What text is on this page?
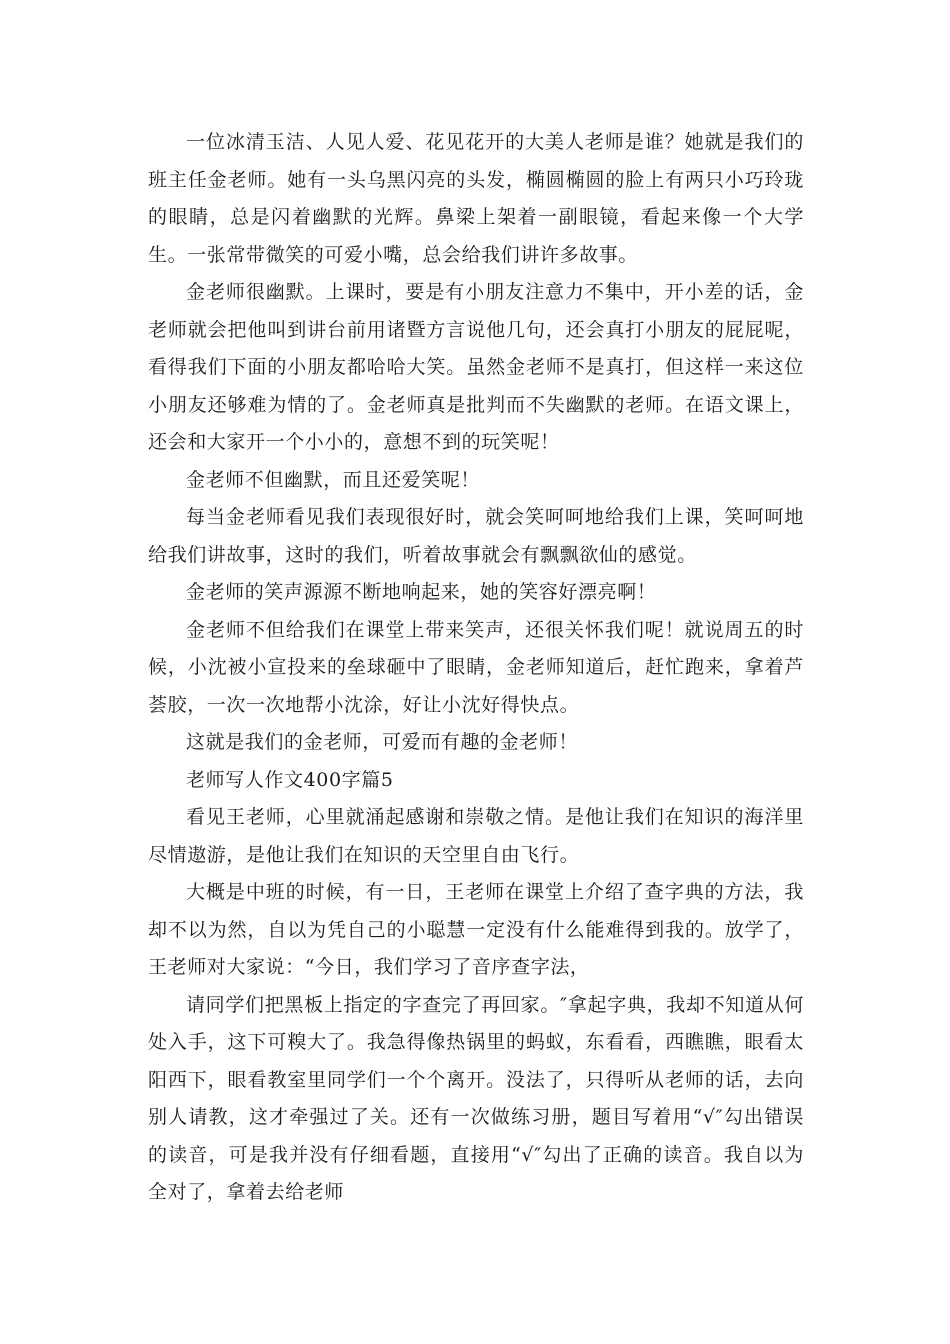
一位冰清玉洁、人见人爱、花见花开的大美人老师是谁？她就是我们的班主任金老师。她有一头乌黑闪亮的头发，椭圆椭圆的脸上有两只小巧玲珑的眼睛，总是闪着幽默的光辉。鼻梁上架着一副眼镜，看起来像一个大学生。一张常带微笑的可爱小嘴，总会给我们讲许多故事。

金老师很幽默。上课时，要是有小朋友注意力不集中，开小差的话，金老师就会把他叫到讲台前用诸暨方言说他几句，还会真打小朋友的屁屁呢，看得我们下面的小朋友都哈哈大笑。虽然金老师不是真打，但这样一来这位小朋友还够难为情的了。金老师真是批判而不失幽默的老师。在语文课上，还会和大家开一个小小的，意想不到的玩笑呢！

金老师不但幽默，而且还爱笑呢！

每当金老师看见我们表现很好时，就会笑呵呵地给我们上课，笑呵呵地给我们讲故事，这时的我们，听着故事就会有飘飘欲仙的感觉。

金老师的笑声源源不断地响起来，她的笑容好漂亮啊！

金老师不但给我们在课堂上带来笑声，还很关怀我们呢！就说周五的时候，小沈被小宣投来的垒球砸中了眼睛，金老师知道后，赶忙跑来，拿着芦荟胶，一次一次地帮小沈涂，好让小沈好得快点。

这就是我们的金老师，可爱而有趣的金老师！

老师写人作文400字篇5

看见王老师，心里就涌起感谢和崇敬之情。是他让我们在知识的海洋里尽情遨游，是他让我们在知识的天空里自由飞行。

大概是中班的时候，有一日，王老师在课堂上介绍了查字典的方法，我却不以为然，自以为凭自己的小聪慧一定没有什么能难得到我的。放学了，王老师对大家说：“今日，我们学习了音序查字法，

请同学们把黑板上指定的字查完了再回家。″拿起字典，我却不知道从何处入手，这下可糗大了。我急得像热锅里的蚂蚁，东看看，西瞧瞧，眼看太阳西下，眼看教室里同学们一个个离开。没法了，只得听从老师的话，去向别人请教，这才牵强过了关。还有一次做练习册，题目写着用“√″勾出错误的读音，可是我并没有仔细看题，直接用“√″勾出了正确的读音。我自以为全对了，拿着去给老师
